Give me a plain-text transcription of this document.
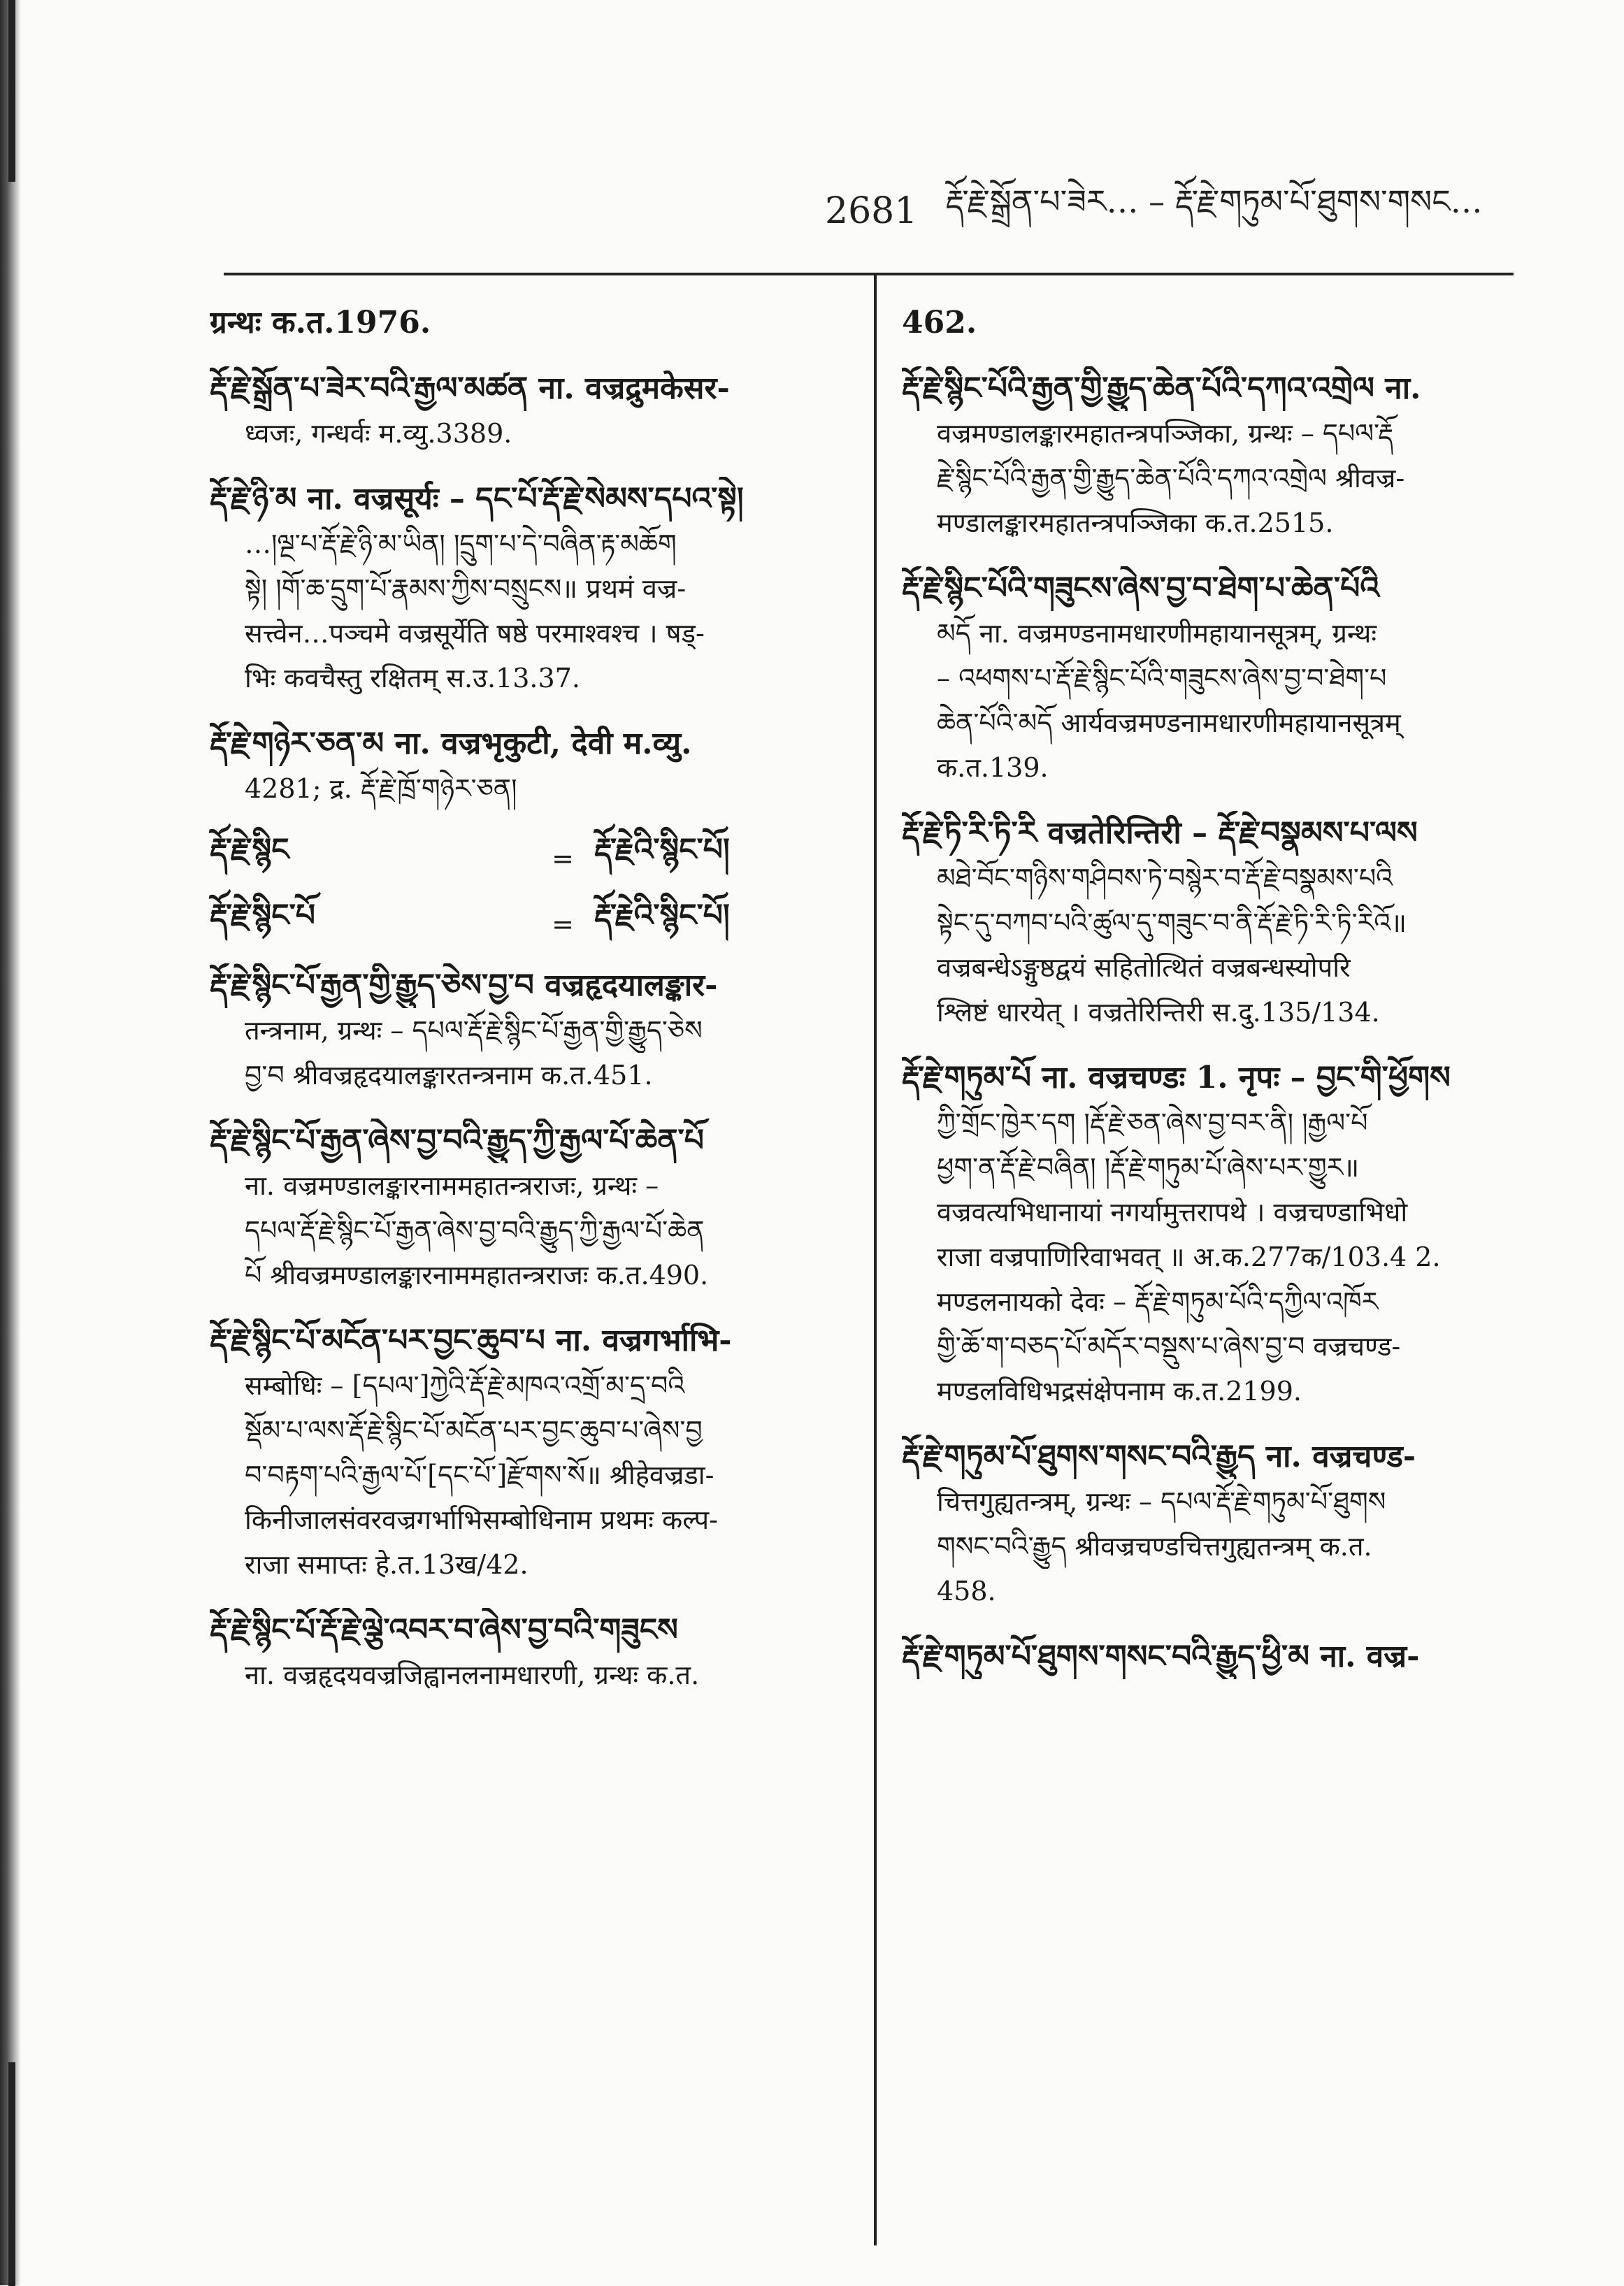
2681 རྡོ་རྗེ་སྒྲོན་པ་ཟེར… – རྡོ་རྗེ་གཏུམ་པོ་ཐུགས་གསང…
ग्रन्थः क.त.1976.
རྡོ་རྗེ་སྒྲོན་པ་ཟེར་བའི་རྒྱལ་མཚན ना. वज्रद्रुमकेसर-
ध्वजः, गन्धर्वः म.व्यु.3389.
རྡོ་རྗེ་ཉི་མ ना. वज्रसूर्यः – དང་པོ་རྡོ་རྗེ་སེམས་དཔའ་སྟེ།
…།ལྔ་པ་རྡོ་རྗེ་ཉི་མ་ཡིན། །དྲུག་པ་དེ་བཞིན་རྟ་མཆོག
སྟེ། །གོ་ཆ་དྲུག་པོ་རྣམས་ཀྱིས་བསྲུངས॥ प्रथमं वज्र-
सत्त्वेन…पञ्चमे वज्रसूर्येति षष्ठे परमाश्वश्च । षड्-
भिः कवचैस्तु रक्षितम् स.उ.13.37.
རྡོ་རྗེ་གཉེར་ཅན་མ ना. वज्रभृकुटी, देवी म.व्यु.
4281; द्र. རྡོ་རྗེ་ཁྲོ་གཉེར་ཅན།
རྡོ་རྗེ་སྙིང	= རྡོ་རྗེའི་སྙིང་པོ།
རྡོ་རྗེ་སྙིང་པོ	= རྡོ་རྗེའི་སྙིང་པོ།
རྡོ་རྗེ་སྙིང་པོ་རྒྱན་གྱི་རྒྱུད་ཅེས་བྱ་བ वज्रहृदयालङ्कार-
तन्त्रनाम, ग्रन्थः – དཔལ་རྡོ་རྗེ་སྙིང་པོ་རྒྱན་གྱི་རྒྱུད་ཅེས
བྱ་བ श्रीवज्रहृदयालङ्कारतन्त्रनाम क.त.451.
རྡོ་རྗེ་སྙིང་པོ་རྒྱན་ཞེས་བྱ་བའི་རྒྱུད་ཀྱི་རྒྱལ་པོ་ཆེན་པོ
ना. वज्रमण्डालङ्कारनाममहातन्त्रराजः, ग्रन्थः –
དཔལ་རྡོ་རྗེ་སྙིང་པོ་རྒྱན་ཞེས་བྱ་བའི་རྒྱུད་ཀྱི་རྒྱལ་པོ་ཆེན
པོ श्रीवज्रमण्डालङ्कारनाममहातन्त्रराजः क.त.490.
རྡོ་རྗེ་སྙིང་པོ་མངོན་པར་བྱང་ཆུབ་པ ना. वज्रगर्भाभि-
सम्बोधिः – [དཔལ་]ཀྱེའི་རྡོ་རྗེ་མཁའ་འགྲོ་མ་དྲ་བའི
སྡོམ་པ་ལས་རྡོ་རྗེ་སྙིང་པོ་མངོན་པར་བྱང་ཆུབ་པ་ཞེས་བྱ
བ་བརྟག་པའི་རྒྱལ་པོ་[དང་པོ་]རྫོགས་སོ॥ श्रीहेवज्रडा-
किनीजालसंवरवज्रगर्भाभिसम्बोधिनाम प्रथमः कल्प-
राजा समाप्तः हे.त.13ख/42.
རྡོ་རྗེ་སྙིང་པོ་རྡོ་རྗེ་ལྕེ་འབར་བ་ཞེས་བྱ་བའི་གཟུངས
ना. वज्रहृदयवज्रजिह्वानलनामधारणी, ग्रन्थः क.त.
462.
རྡོ་རྗེ་སྙིང་པོའི་རྒྱན་གྱི་རྒྱུད་ཆེན་པོའི་དཀའ་འགྲེལ ना.
वज्रमण्डालङ्कारमहातन्त्रपञ्जिका, ग्रन्थः – དཔལ་རྡོ
རྗེ་སྙིང་པོའི་རྒྱན་གྱི་རྒྱུད་ཆེན་པོའི་དཀའ་འགྲེལ श्रीवज्र-
मण्डालङ्कारमहातन्त्रपञ्जिका क.त.2515.
རྡོ་རྗེ་སྙིང་པོའི་གཟུངས་ཞེས་བྱ་བ་ཐེག་པ་ཆེན་པོའི
མདོ ना. वज्रमण्डनामधारणीमहायानसूत्रम्, ग्रन्थः
– འཕགས་པ་རྡོ་རྗེ་སྙིང་པོའི་གཟུངས་ཞེས་བྱ་བ་ཐེག་པ
ཆེན་པོའི་མདོ आर्यवज्रमण्डनामधारणीमहायानसूत्रम्
क.त.139.
རྡོ་རྗེ་ཏི་རི་ཏི་རི वज्रतेरिन्तिरी – རྡོ་རྗེ་བསྣམས་པ་ལས
མཐེ་བོང་གཉིས་གཤིབས་ཏེ་བསྙེར་བ་རྡོ་རྗེ་བསྣམས་པའི
སྟེང་དུ་བཀབ་པའི་ཚུལ་དུ་གཟུང་བ་ནི་རྡོ་རྗེ་ཏི་རི་ཏི་རིའོ॥
वज्रबन्धेऽङ्गुष्ठद्वयं सहितोत्थितं वज्रबन्धस्योपरि
श्लिष्टं धारयेत् । वज्रतेरिन्तिरी स.दु.135/134.
རྡོ་རྗེ་གཏུམ་པོ ना. वज्रचण्डः 1. नृपः – བྱང་གི་ཕྱོགས
ཀྱི་གྲོང་ཁྱེར་དག །རྡོ་རྗེ་ཅན་ཞེས་བྱ་བར་ནི། །རྒྱལ་པོ
ཕྱག་ན་རྡོ་རྗེ་བཞིན། །རྡོ་རྗེ་གཏུམ་པོ་ཞེས་པར་གྱུར॥
वज्रवत्यभिधानायां नगर्यामुत्तरापथे । वज्रचण्डाभिधो
राजा वज्रपाणिरिवाभवत् ॥ अ.क.277क/103.4 2.
मण्डलनायको देवः – རྡོ་རྗེ་གཏུམ་པོའི་དཀྱིལ་འཁོར
གྱི་ཆོ་ག་བཅད་པོ་མདོར་བསྡུས་པ་ཞེས་བྱ་བ वज्रचण्ड-
मण्डलविधिभद्रसंक्षेपनाम क.त.2199.
རྡོ་རྗེ་གཏུམ་པོ་ཐུགས་གསང་བའི་རྒྱུད ना. वज्रचण्ड-
चित्तगुह्यतन्त्रम्, ग्रन्थः – དཔལ་རྡོ་རྗེ་གཏུམ་པོ་ཐུགས
གསང་བའི་རྒྱུད श्रीवज्रचण्डचित्तगुह्यतन्त्रम् क.त.
458.
རྡོ་རྗེ་གཏུམ་པོ་ཐུགས་གསང་བའི་རྒྱུད་ཕྱི་མ ना. वज्र-
